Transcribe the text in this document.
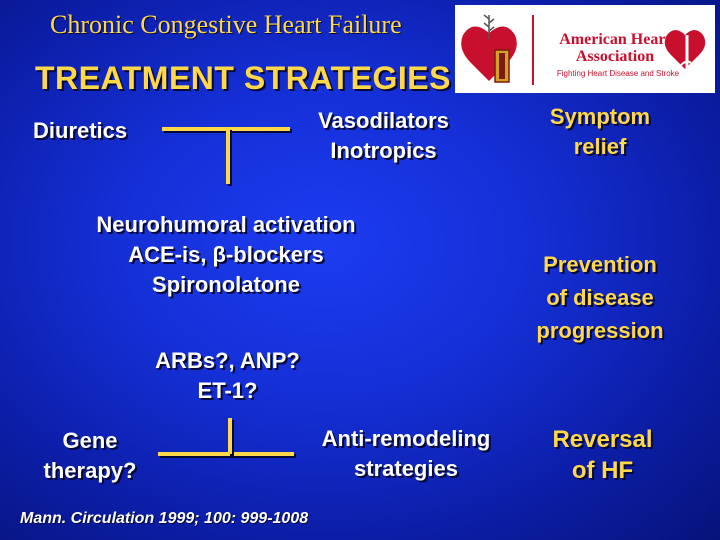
Chronic Congestive Heart Failure
TREATMENT STRATEGIES
American Heart Association
Fighting Heart Disease and Stroke
Diuretics	Vasodilators
Inotropics
Neurohumoral activation
ACE-is, β-blockers
Spironolatone
ARBs?, ANP?
ET-1?
Gene
therapy?
Anti-remodeling
strategies
Symptom
relief
Prevention
of disease
progression
Reversal
of HF
Mann. Circulation 1999; 100: 999-1008
